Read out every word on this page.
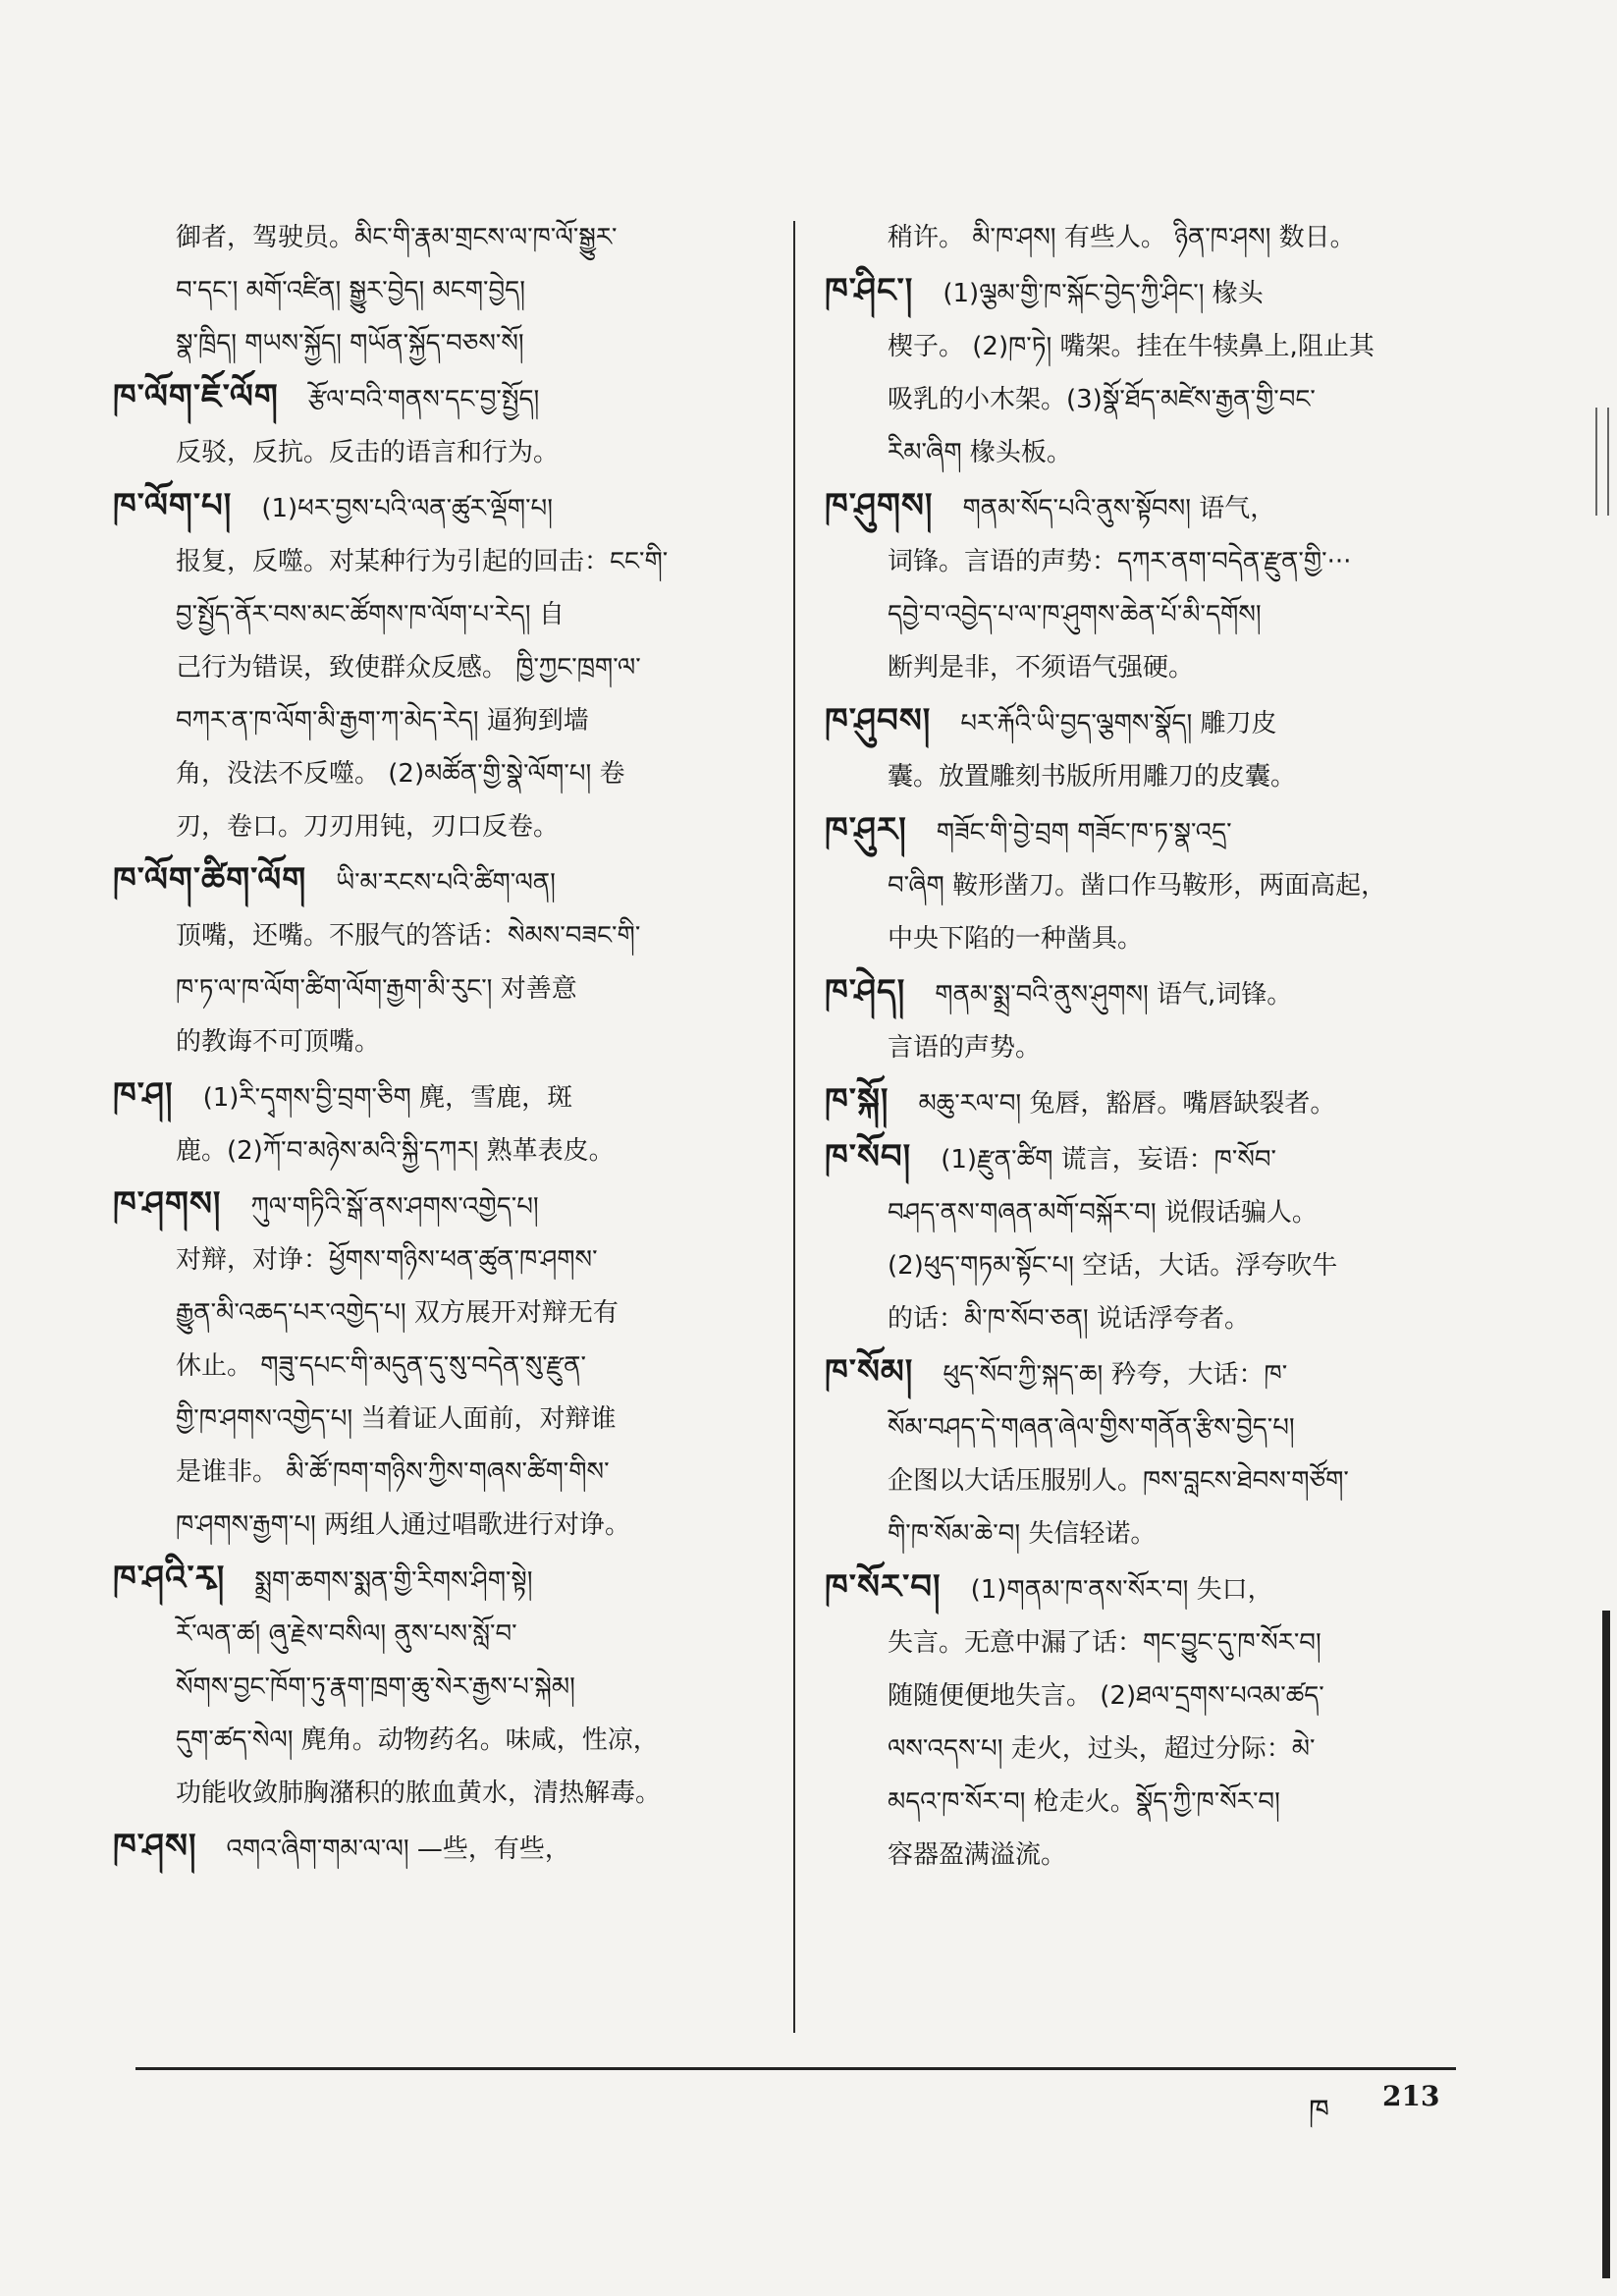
御者，驾驶员。མིང་གི་རྣམ་གྲངས་ལ་ཁ་ལོ་སྒྱུར་
བ་དང་། མགོ་འཛིན། སྒྱུར་བྱེད། མངག་བྱེད།
སྣ་ཁྲིད། གཡས་སྐྱོད། གཡོན་སྐྱོད་བཅས་སོ།
ཁ་ལོག་ཇོ་ལོག རྩོལ་བའི་གནས་དང་བྱ་སྤྱོད།
反驳，反抗。反击的语言和行为。
ཁ་ལོག་པ། (1)ཕར་བྱས་པའི་ལན་ཚུར་ལྡོག་པ།
报复，反噬。对某种行为引起的回击：ངང་གི་
བྱ་སྤྱོད་ནོར་བས་མང་ཚོགས་ཁ་ལོག་པ་རེད། 自
己行为错误，致使群众反感。 ཁྱི་ཀྱང་ཁྲག་ལ་
བཀར་ན་ཁ་ལོག་མི་རྒྱག་ཀ་མེད་རེད། 逼狗到墙
角，没法不反噬。 (2)མཚོན་གྱི་སྣེ་ལོག་པ། 卷
刃，卷口。刀刃用钝，刃口反卷。
ཁ་ལོག་ཚིག་ལོག ཡི་མ་རངས་པའི་ཚིག་ལན།
顶嘴，还嘴。不服气的答话：སེམས་བཟང་གི་
ཁ་ཏ་ལ་ཁ་ལོག་ཚིག་ལོག་རྒྱག་མི་རུང་། 对善意
的教诲不可顶嘴。
ཁ་ཤ། (1)རི་དྭགས་བྱི་བྲག་ཅིག 麂，雪鹿，斑
鹿。(2)ཀོ་བ་མཉེས་མའི་སྐྱི་དཀར། 熟革表皮。
ཁ་ཤགས། ཀུལ་གཏིའི་སྒོ་ནས་ཤགས་འགྱེད་པ།
对辩，对诤：ཕྱོགས་གཉིས་ཕན་ཚུན་ཁ་ཤགས་
རྒྱུན་མི་འཆད་པར་འགྱེད་པ། 双方展开对辩无有
休止。 གཟུ་དཔང་གི་མདུན་དུ་སུ་བདེན་སུ་རྫུན་
གྱི་ཁ་ཤགས་འགྱེད་པ། 当着证人面前，对辩谁
是谁非。 མི་ཚོ་ཁག་གཉིས་ཀྱིས་གཞས་ཚིག་གིས་
ཁ་ཤགས་རྒྱག་པ། 两组人通过唱歌进行对诤。
ཁ་ཤའི་རྭ། སྨྲག་ཆགས་སྨན་གྱི་རིགས་ཤིག་སྟེ།
ཪོ་ལན་ཚ། ཞུ་རྗེས་བསིལ། ནུས་པས་སློ་བ་
སོགས་བྱང་ཁོག་ཏུ་རྣག་ཁྲག་ཆུ་སེར་རྒྱས་པ་སྐེམ།
དུག་ཚད་སེལ། 麂角。动物药名。味咸，性凉，
功能收敛肺胸潴积的脓血黄水，清热解毒。
ཁ་ཤས། འགའ་ཞིག་གམ་ལ་ལ། —些，有些，
稍许。 མི་ཁ་ཤས། 有些人。 ཉིན་ཁ་ཤས། 数日。
ཁ་ཤིང་། (1)ལྕམ་གྱི་ཁ་སྐོང་བྱེད་ཀྱི་ཤིང་། 椽头
楔子。 (2)ཁ་ཏེ། 嘴架。挂在牛犊鼻上,阻止其
吸乳的小木架。(3)སྣོ་ཐོད་མཛེས་རྒྱན་གྱི་བང་
རིམ་ཞིག 椽头板。
ཁ་ཤུགས། གནམ་སོད་པའི་ནུས་སྟོབས། 语气，
词锋。言语的声势：དཀར་ནག་བདེན་རྫུན་གྱི་···
དབྱེ་བ་འབྱེད་པ་ལ་ཁ་ཤུགས་ཆེན་པོ་མི་དགོས།
断判是非，不须语气强硬。
ཁ་ཤུབས། པར་རྐོའི་ཡི་བྱད་ལྕགས་སྣོད། 雕刀皮
囊。放置雕刻书版所用雕刀的皮囊。
ཁ་ཤུར། གཟོང་གི་བྱེ་བྲག གཟོང་ཁ་ཏ་སྣ་འདྲ་
བ་ཞིག 鞍形凿刀。凿口作马鞍形，两面高起，
中央下陷的一种凿具。
ཁ་ཤེད། གནམ་སྨྲ་བའི་ནུས་ཤུགས། 语气,词锋。
言语的声势。
ཁ་སྐོ། མཆུ་རལ་བ། 兔唇，豁唇。嘴唇缺裂者。
ཁ་སོབ། (1)རྫུན་ཚིག 谎言，妄语：ཁ་སོབ་
བཤད་ནས་གཞན་མགོ་བསྐོར་བ། 说假话骗人。
(2)ཕུད་གཏམ་སྟོང་པ། 空话，大话。浮夸吹牛
的话：མི་ཁ་སོབ་ཅན། 说话浮夸者。
ཁ་སོམ། ཕུད་སོབ་ཀྱི་སྐད་ཆ། 矜夸，大话：ཁ་
སོམ་བཤད་དེ་གཞན་ཞེལ་གྱིས་གནོན་རྩིས་བྱེད་པ།
企图以大话压服别人。ཁས་བླངས་ཐེབས་གཙོག་
གི་ཁ་སོམ་ཆེ་བ། 失信轻诺。
ཁ་སོར་བ། (1)གནམ་ཁ་ནས་སོར་བ། 失口，
失言。无意中漏了话：གང་བྱུང་དུ་ཁ་སོར་བ།
随随便便地失言。 (2)ཐལ་དྲགས་པའམ་ཚད་
ལས་འདས་པ། 走火，过头，超过分际：མེ་
མདའ་ཁ་སོར་བ། 枪走火。སྣོད་ཀྱི་ཁ་སོར་བ།
容器盈满溢流。
ཁ 213
